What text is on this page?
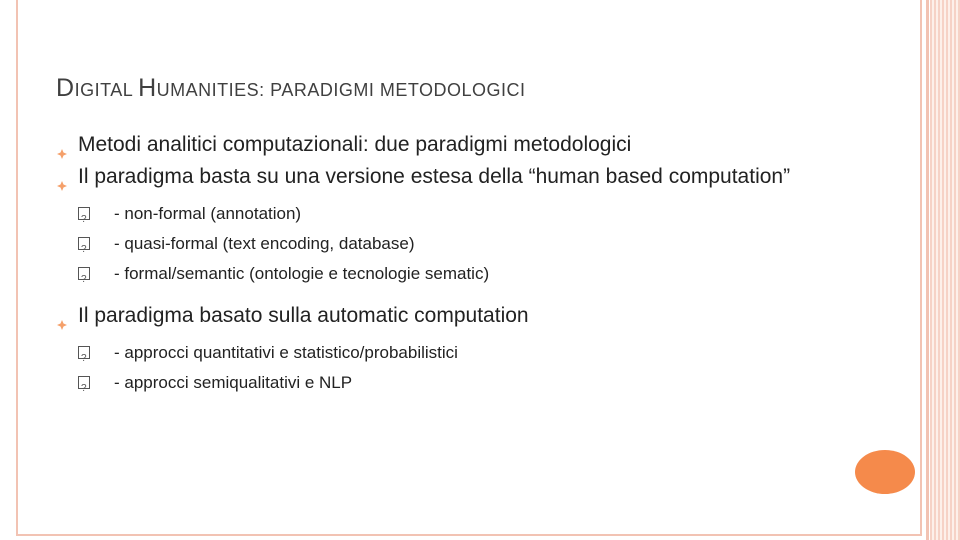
DIGITAL HUMANITIES: PARADIGMI METODOLOGICI
Metodi analitici computazionali: due paradigmi metodologici
Il paradigma basta su una versione estesa della “human based computation”
?
- non-formal (annotation)
?
- quasi-formal (text encoding, database)
?
- formal/semantic (ontologie e tecnologie sematic)
Il paradigma basato sulla automatic computation
?
- approcci quantitativi e statistico/probabilistici
?
- approcci semiqualitativi e NLP
